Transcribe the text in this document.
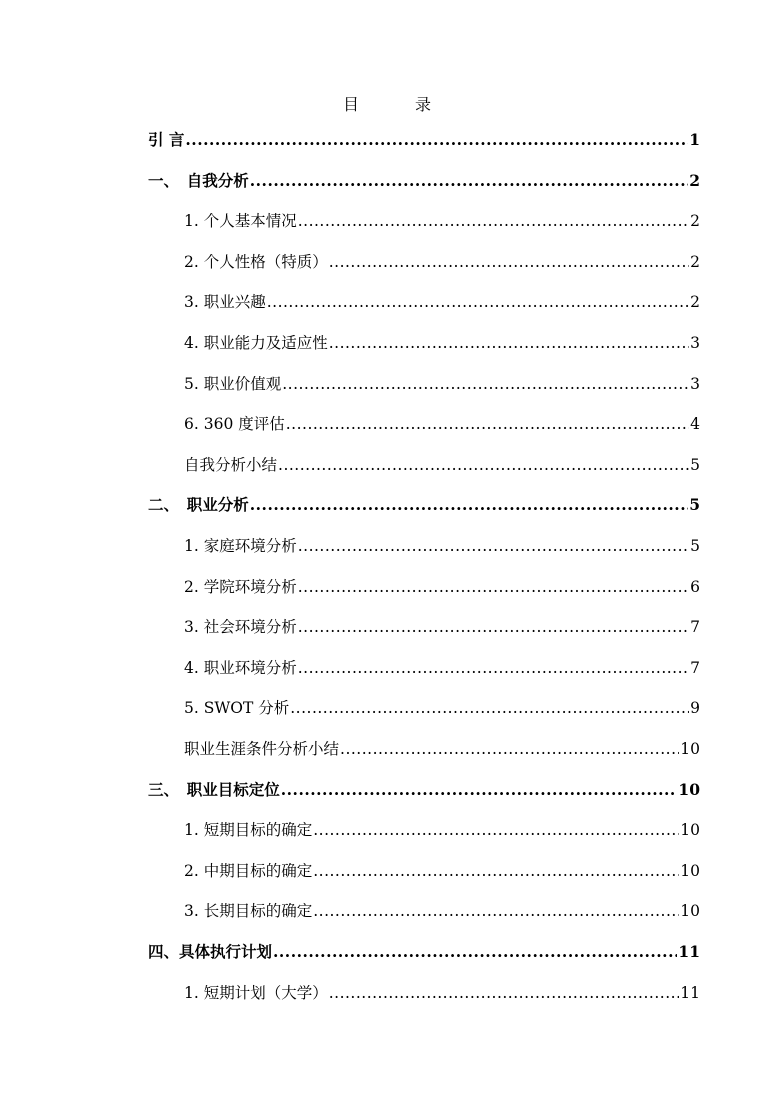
目　录
引 言 .....	1
一、　自我分析 .....	2
1. 个人基本情况 .....	2
2. 个人性格（特质） .....	2
3. 职业兴趣 .....	2
4. 职业能力及适应性 .....	3
5. 职业价值观 .....	3
6. 360 度评估 .....	4
自我分析小结 .....	5
二、　职业分析 .....	5
1. 家庭环境分析 .....	5
2. 学院环境分析 .....	6
3. 社会环境分析 .....	7
4. 职业环境分析 .....	7
5. SWOT 分析 .....	9
职业生涯条件分析小结 .....	10
三、　职业目标定位 .....	10
1. 短期目标的确定 .....	10
2. 中期目标的确定 .....	10
3. 长期目标的确定 .....	10
四、具体执行计划 .....	11
1. 短期计划（大学） .....	11
